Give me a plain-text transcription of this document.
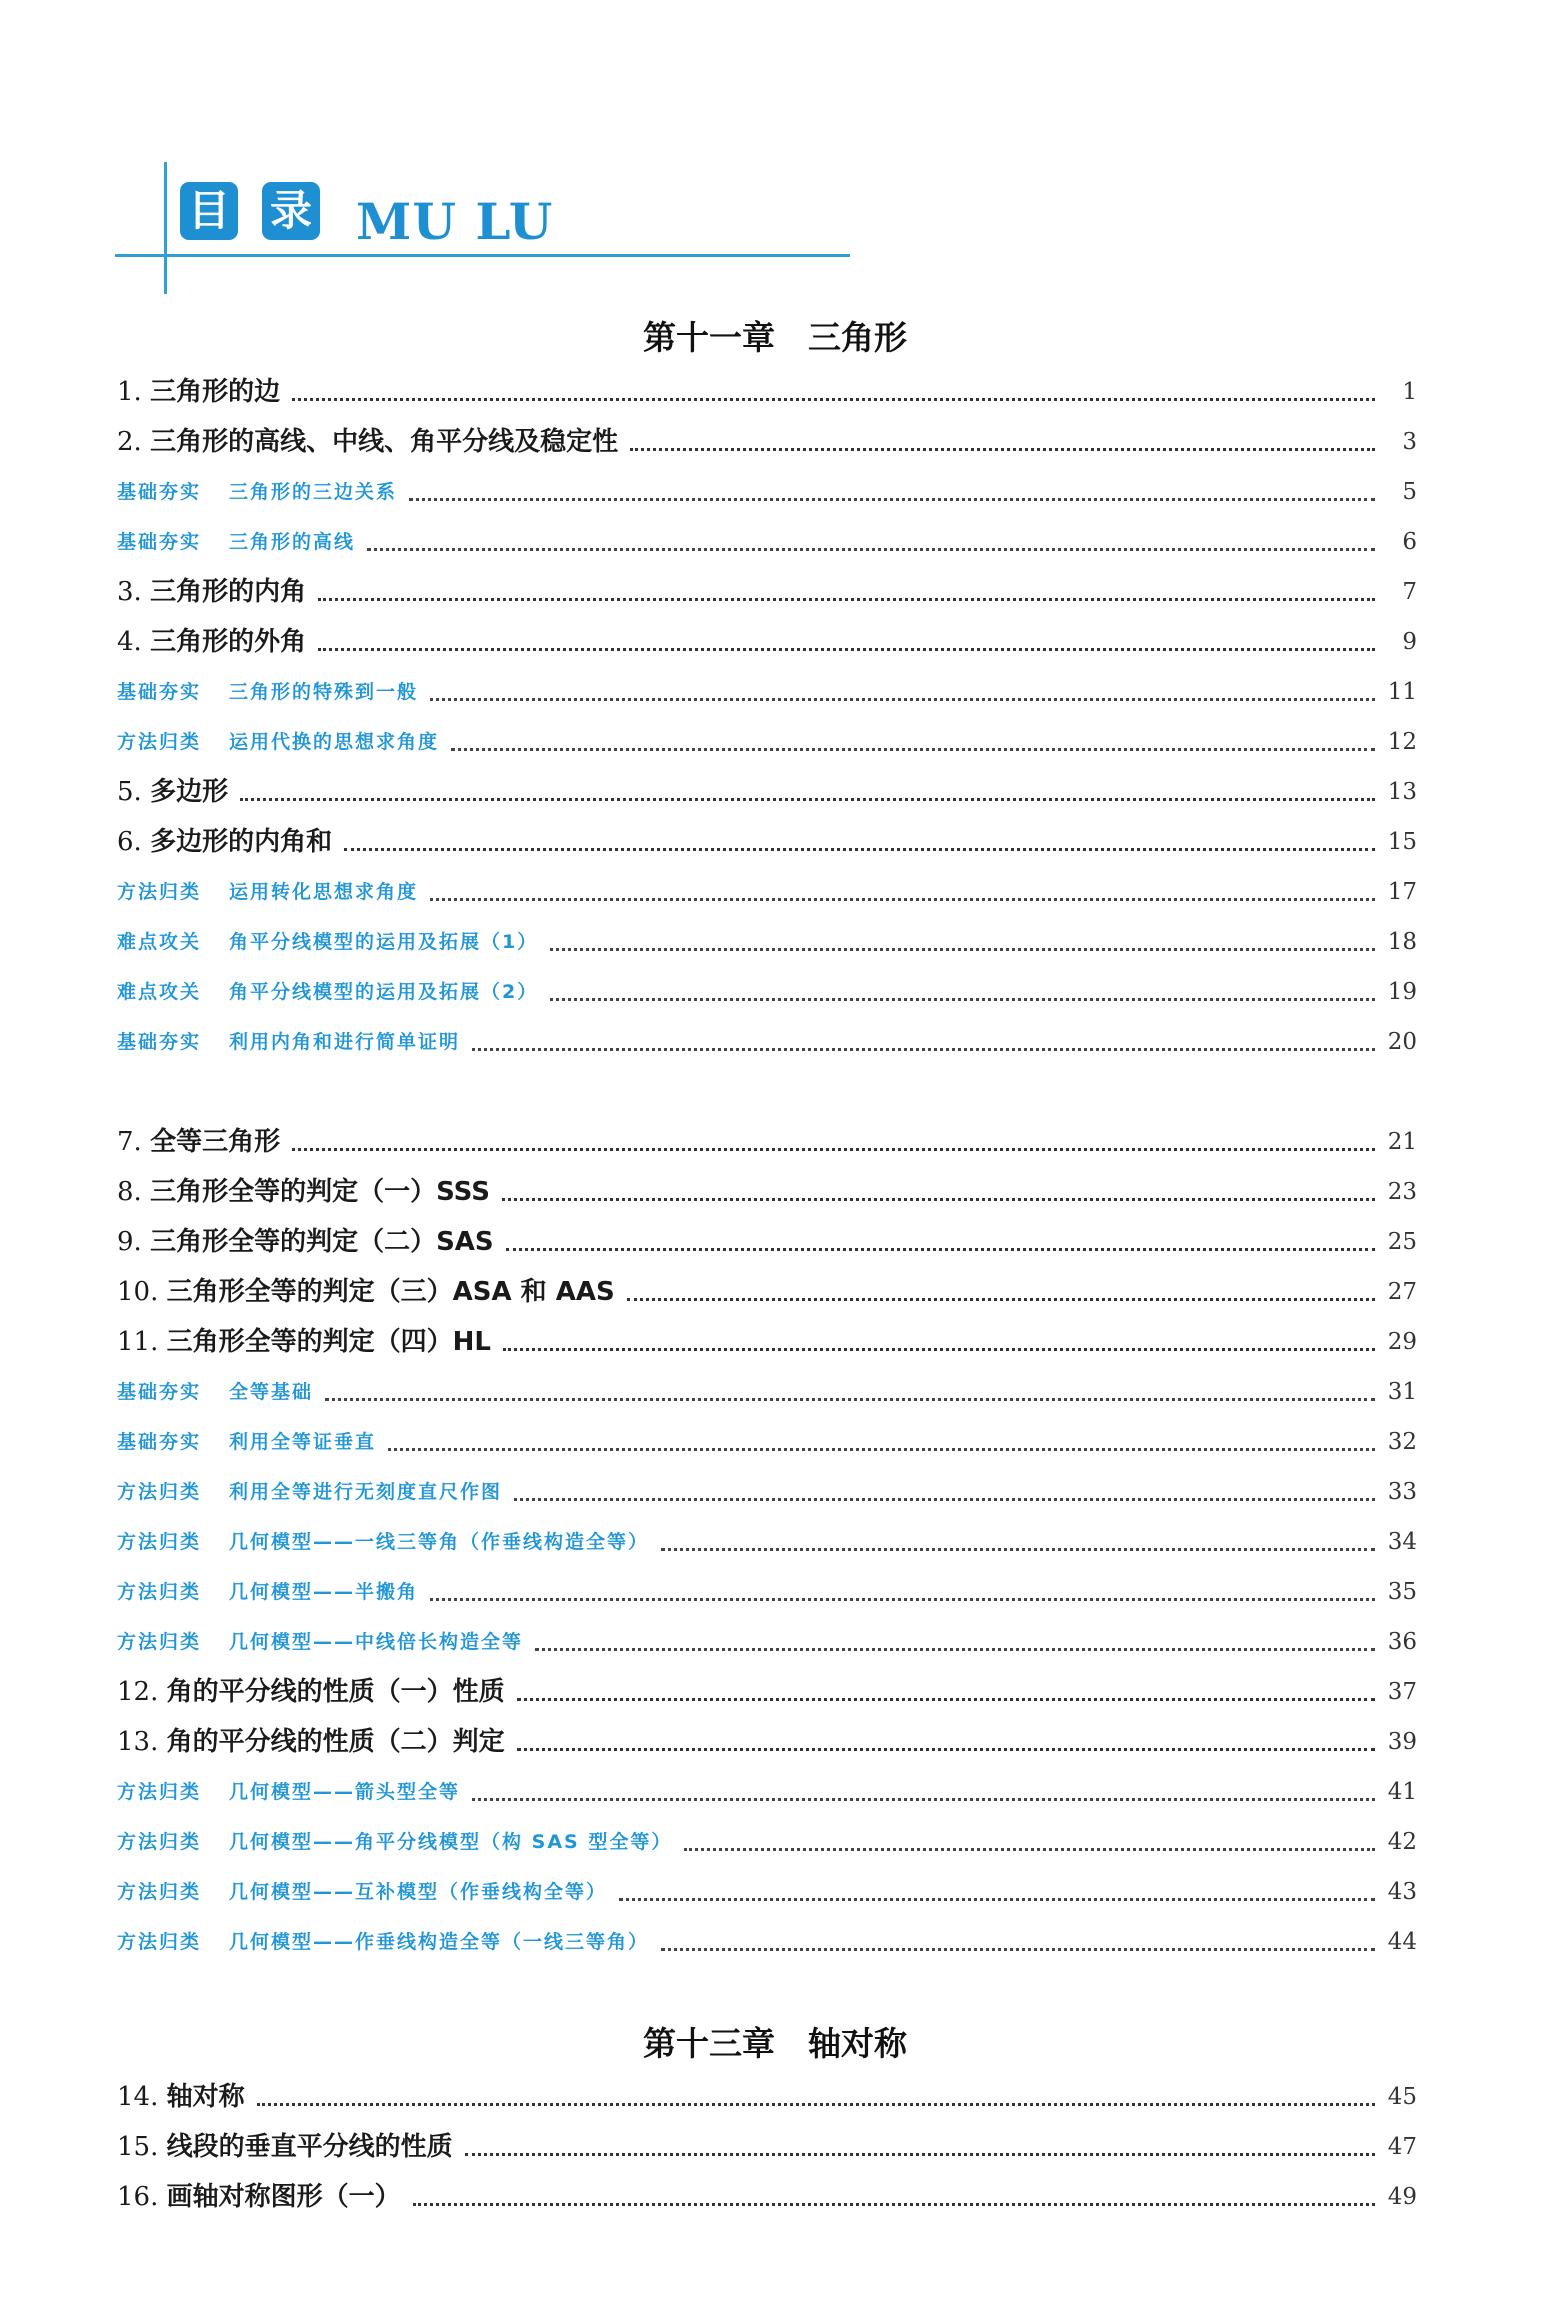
目 录 MU LU
第十一章　三角形
1. 三角形的边	1
2. 三角形的高线、中线、角平分线及稳定性	3
基础夯实 三角形的三边关系	5
基础夯实 三角形的高线	6
3. 三角形的内角	7
4. 三角形的外角	9
基础夯实 三角形的特殊到一般	11
方法归类 运用代换的思想求角度	12
5. 多边形	13
6. 多边形的内角和	15
方法归类 运用转化思想求角度	17
难点攻关 角平分线模型的运用及拓展（1）	18
难点攻关 角平分线模型的运用及拓展（2）	19
基础夯实 利用内角和进行简单证明	20
7. 全等三角形	21
8. 三角形全等的判定（一）SSS	23
9. 三角形全等的判定（二）SAS	25
10. 三角形全等的判定（三）ASA 和 AAS	27
11. 三角形全等的判定（四）HL	29
基础夯实 全等基础	31
基础夯实 利用全等证垂直	32
方法归类 利用全等进行无刻度直尺作图	33
方法归类 几何模型——一线三等角（作垂线构造全等）	34
方法归类 几何模型——半搬角	35
方法归类 几何模型——中线倍长构造全等	36
12. 角的平分线的性质（一）性质	37
13. 角的平分线的性质（二）判定	39
方法归类 几何模型——箭头型全等	41
方法归类 几何模型——角平分线模型（构 SAS 型全等）	42
方法归类 几何模型——互补模型（作垂线构全等）	43
方法归类 几何模型——作垂线构造全等（一线三等角）	44
第十三章　轴对称
14. 轴对称	45
15. 线段的垂直平分线的性质	47
16. 画轴对称图形（一）	49
